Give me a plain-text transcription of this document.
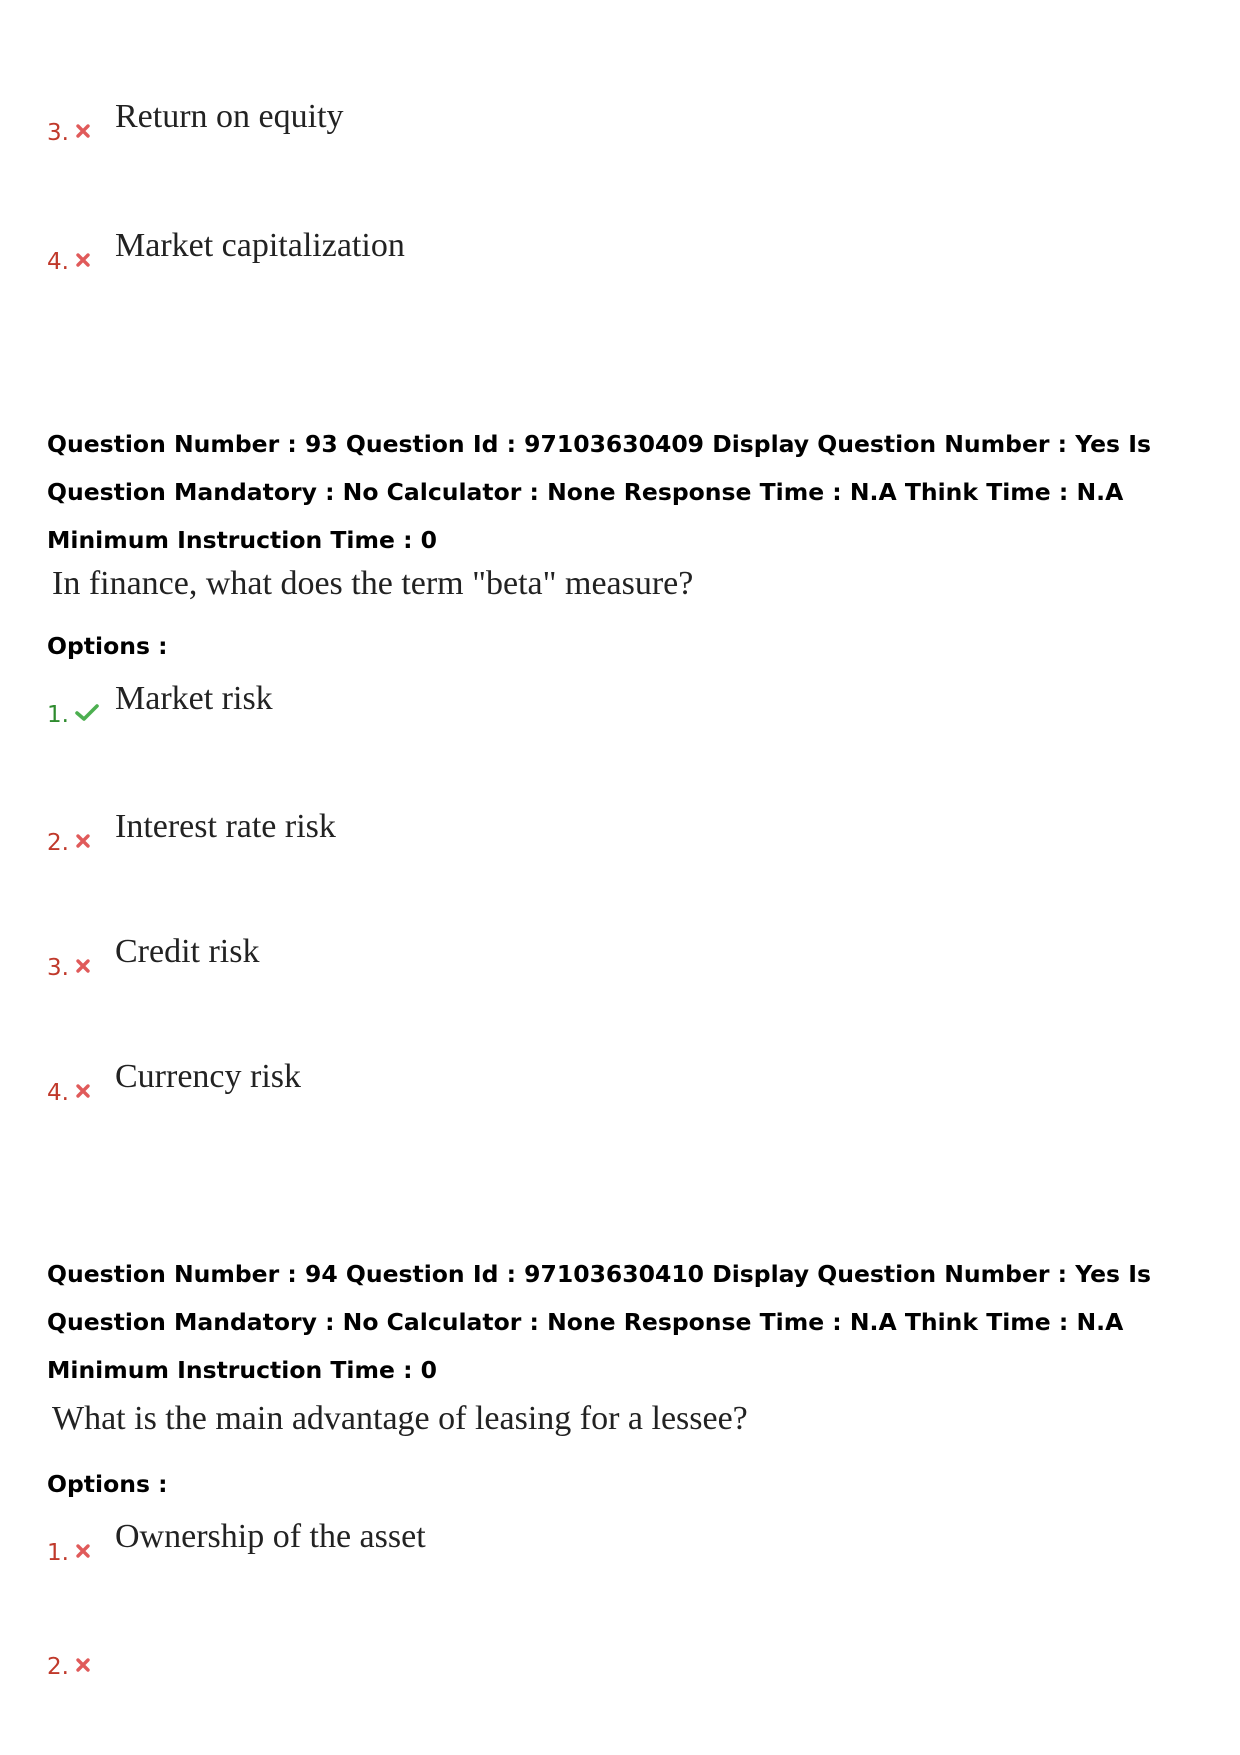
3. Return on equity
4. Market capitalization

Question Number : 93 Question Id : 97103630409 Display Question Number : Yes Is Question Mandatory : No Calculator : None Response Time : N.A Think Time : N.A Minimum Instruction Time : 0

In finance, what does the term "beta" measure?

Options :

1. Market risk
2. Interest rate risk
3. Credit risk
4. Currency risk

Question Number : 94 Question Id : 97103630410 Display Question Number : Yes Is Question Mandatory : No Calculator : None Response Time : N.A Think Time : N.A Minimum Instruction Time : 0

What is the main advantage of leasing for a lessee?

Options :

1. Ownership of the asset
2.
